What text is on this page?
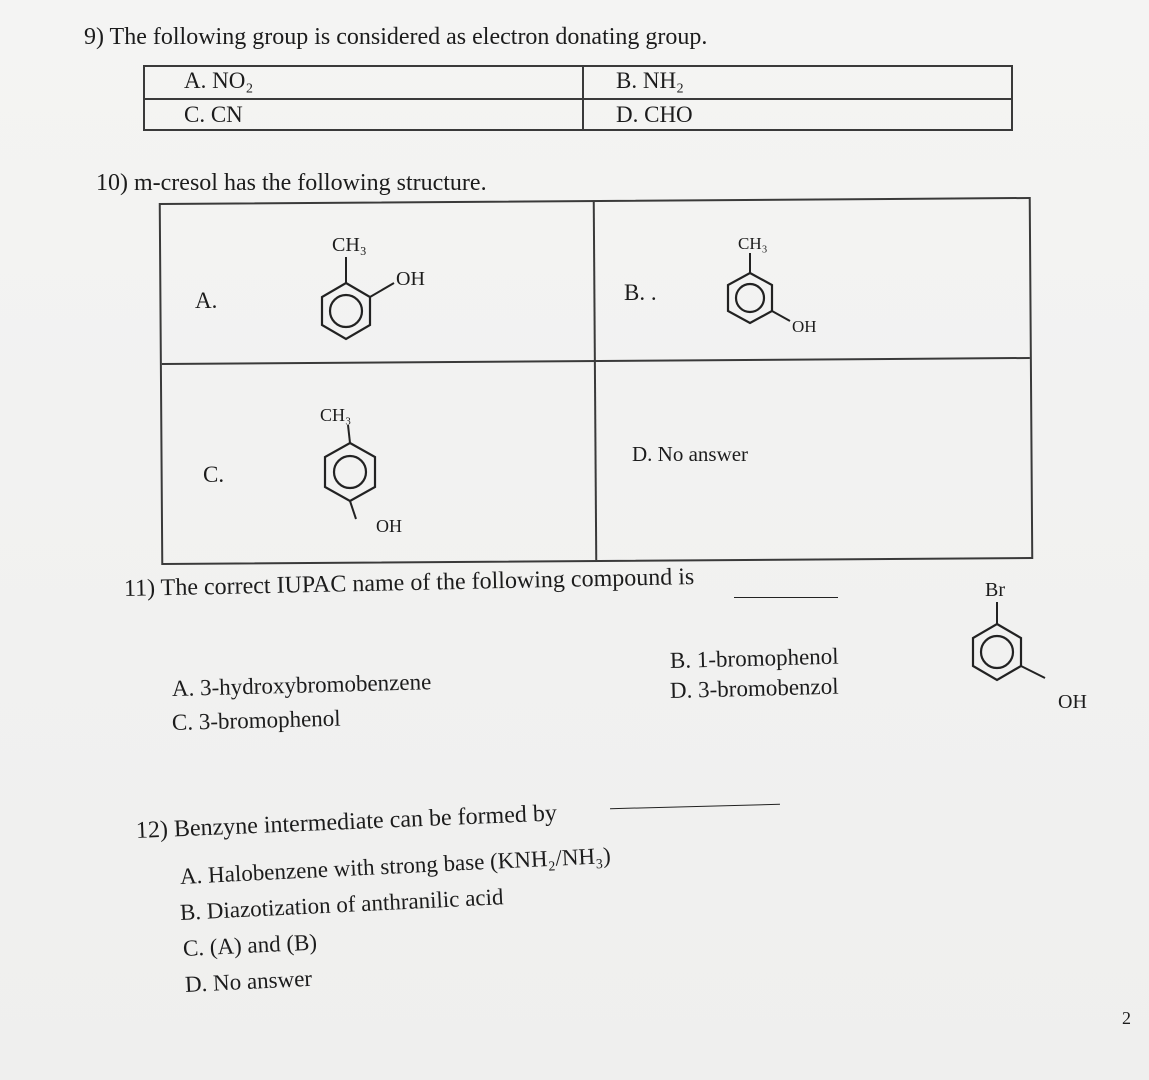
9) The following group is considered as electron donating group.
A. NO₂	B. NH₂
C. CN	D. CHO
10) m-cresol has the following structure.
A.	B. .
C.
D. No answer
CH₃
OH
CH₃
OH
CH₃
OH
11) The correct IUPAC name of the following compound is	Br
OH
A. 3-hydroxybromobenzene
B. 1-bromophenol
C. 3-bromophenol
D. 3-bromobenzol
12) Benzyne intermediate can be formed by
A. Halobenzene with strong base (KNH₂/NH₃)
B. Diazotization of anthranilic acid
C. (A) and (B)
D. No answer
2
